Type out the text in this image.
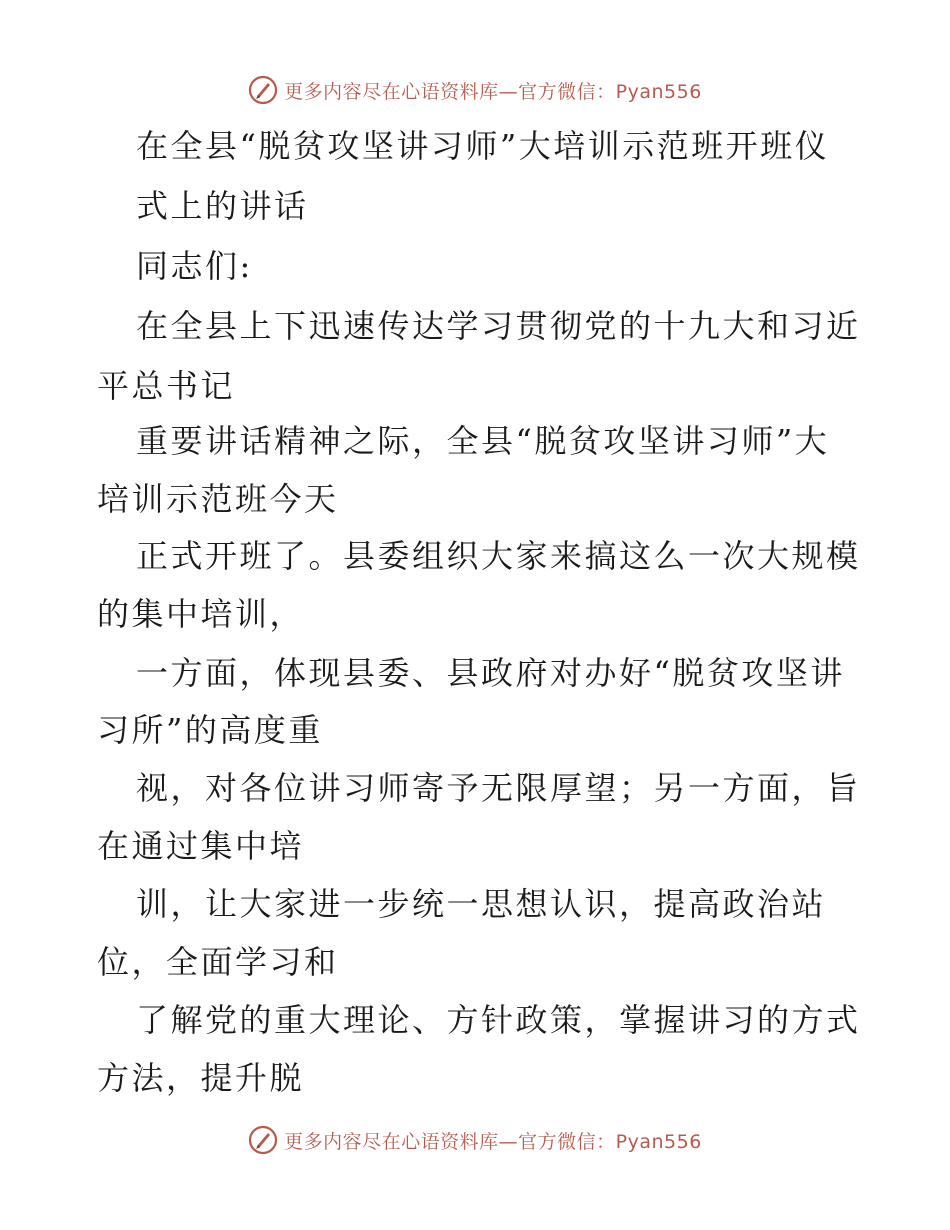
更多内容尽在心语资料库—官方微信：Pyan556
在全县“脱贫攻坚讲习师”大培训示范班开班仪
式上的讲话
同志们:
在全县上下迅速传达学习贯彻党的十九大和习近
平总书记
重要讲话精神之际，全县“脱贫攻坚讲习师”大
培训示范班今天
正式开班了。县委组织大家来搞这么一次大规模
的集中培训，
一方面，体现县委、县政府对办好“脱贫攻坚讲
习所”的高度重
视，对各位讲习师寄予无限厚望；另一方面，旨
在通过集中培
训，让大家进一步统一思想认识，提高政治站
位，全面学习和
了解党的重大理论、方针政策，掌握讲习的方式
方法，提升脱
更多内容尽在心语资料库—官方微信：Pyan556
